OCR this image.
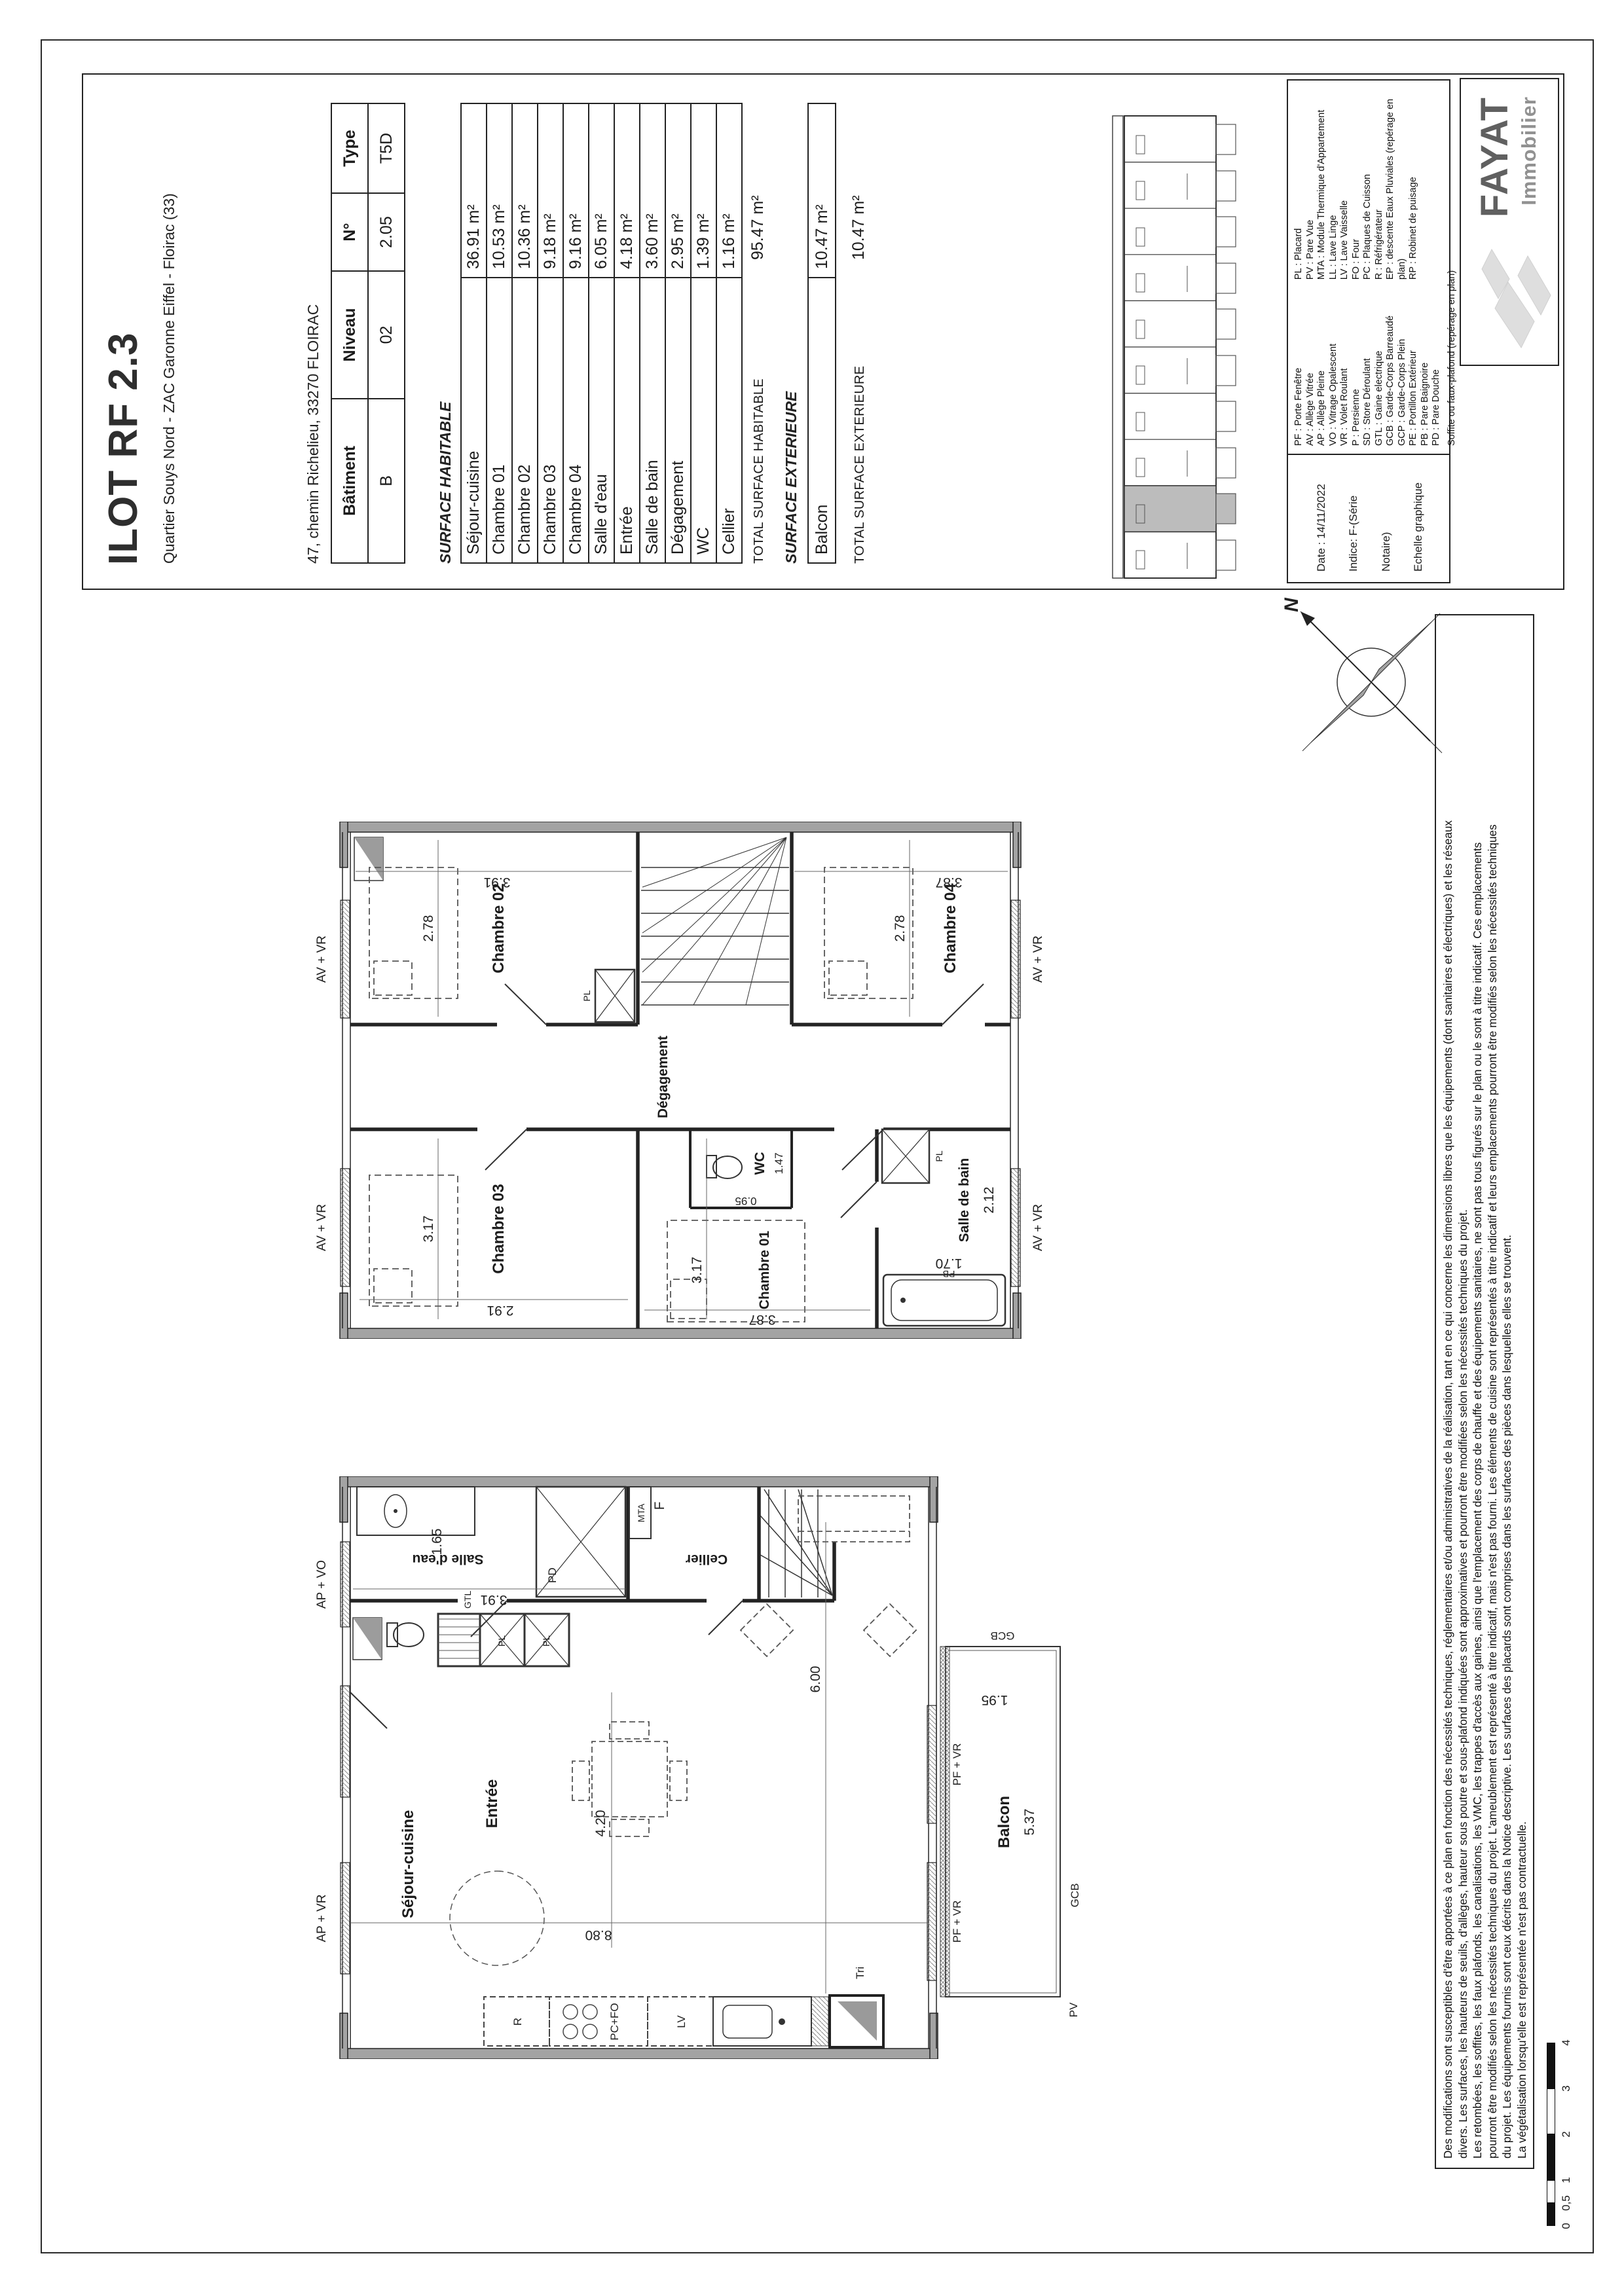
ILOT RF 2.3 Quartier Souys Nord - ZAC Garonne Eiffel - Floirac (33)	47, chemin Richelieu, 33270 FLOIRAC Bâtiment	Niveau	N°	Type
B	02	2.05	T5D
SURFACE HABITABLE Séjour-cuisine	36.91 m²
Chambre 01	10.53 m²
Chambre 02	10.36 m²
Chambre 03	9.18 m²
Chambre 04	9.16 m²
Salle d'eau	6.05 m²
Entrée	4.18 m²
Salle de bain	3.60 m²
Dégagement	2.95 m²
WC	1.39 m²
Cellier	1.16 m²
TOTAL SURFACE HABITABLE
95.47 m²
SURFACE EXTERIEURE Balcon	10.47 m²
TOTAL SURFACE EXTERIEURE
10.47 m²
Date : 14/11/2022	Indice: F-(Série Notaire)	Echelle graphique
PF : Porte Fenêtre AV : Allège Vitrée AP : Allège Pleine VO : Vitrage Opalescent VR : Volet Roulant P : Persienne SD : Store Déroulant GTL : Gaine electrique GCB : Garde-Corps Barreaudé GCP : Garde-Corps Plein PE : Portillon Extérieur PB : Pare Baignoire PD : Pare Douche
PL : Placard PV : Pare Vue MTA : Module Thermique d'Appartement LL : Lave Linge LV : Lave Vaisselle FO : Four PC : Plaques de Cuisson R : Réfrigérateur EP : descente Eaux Pluviales (repérage en plan) RP : Robinet de puisage
Soffite ou faux-plafond (repérage en plan)
FAYAT Immobilier
AP + VR
AP + VO	PD
MTA
GTL
PL	PL
F
Cellier
R	PC+FO	LV
Tri
4.20
6.00
8.80
1.65
3.91
Séjour-cuisine
Entrée
Salle d'eau
Balcon 5.37
1.95
PF + VR
PF + VR
GCB
GCB
PV
AV + VR
AV + VR
AV + VR
AV + VR
PL
PL
PB
Chambre 03
3.17
2.91
Chambre 02
2.78
3.91
Dégagement
Chambre 01
3.17
3.87
WC
0.95
1.47	Salle de bain
1.70
2.12
Chambre 04
2.78
3.87
N
Des modifications sont susceptibles d'être apportées à ce plan en fonction des nécessités techniques, réglementaires et/ou administratives de la réalisation, tant en ce qui concerne les dimensions libres que les équipements (dont sanitaires et électriques) et les réseaux divers. Les surfaces, les hauteurs de seuils, d'allèges, hauteur sous poutre et sous-plafond indiquées sont approximatives et pourront être modifiées selon les nécessités techniques du projet. Les retombées, les soffites, les faux plafonds, les canalisations, les VMC, les trappes d'accès aux gaines, ainsi que l'emplacement des corps de chauffe et des équipements sanitaires, ne sont pas tous figurés sur le plan ou le sont à titre indicatif. Ces emplacements pourront être modifiés selon les nécessités techniques du projet. L'ameublement est représenté à titre indicatif, mais n'est pas fourni. Les éléments de cuisine sont représentés à titre indicatif et leurs emplacements pourront être modifiés selon les nécessités techniques du projet. Les équipements fournis sont ceux décrits dans la Notice descriptive. Les surfaces des placards sont comprises dans les surfaces des pièces dans lesquelles elles se trouvent. La végétalisation lorsqu'elle est représentée n'est pas contractuelle.
0
0,5
1
2
3
4
